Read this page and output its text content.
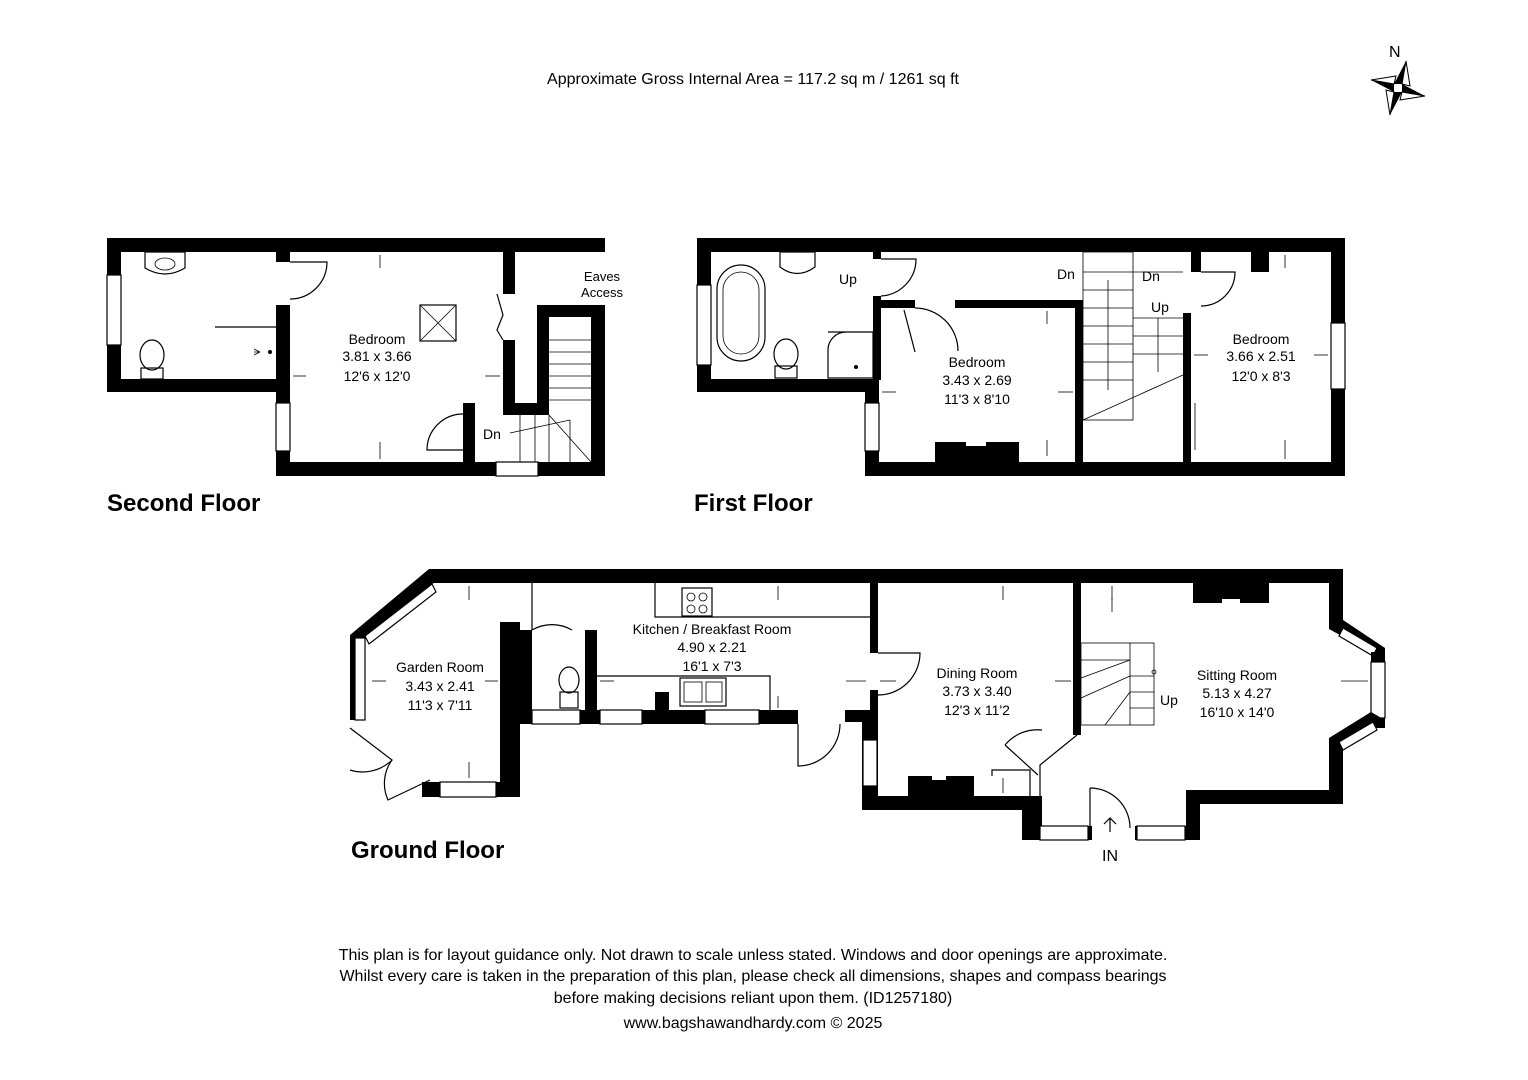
Approximate Gross Internal Area = 117.2 sq m / 1261 sq ft
N
Bedroom
3.81 x 3.66
12'6 x 12'0
Eaves
Access
Dn
Second Floor
Up	Dn	Dn
Up
Bedroom
3.43 x 2.69
11'3 x 8'10
Bedroom
3.66 x 2.51
12'0 x 8'3
First Floor
Garden Room
3.43 x 2.41
11'3 x 7'11
Kitchen / Breakfast Room
4.90 x 2.21
16'1 x 7'3	Dining Room
3.73 x 3.40
12'3 x 11'2
Sitting Room
5.13 x 4.27
16'10 x 14'0
Up
IN
Ground Floor
This plan is for layout guidance only. Not drawn to scale unless stated. Windows and door openings are approximate.
Whilst every care is taken in the preparation of this plan, please check all dimensions, shapes and compass bearings
before making decisions reliant upon them. (ID1257180)
www.bagshawandhardy.com © 2025
